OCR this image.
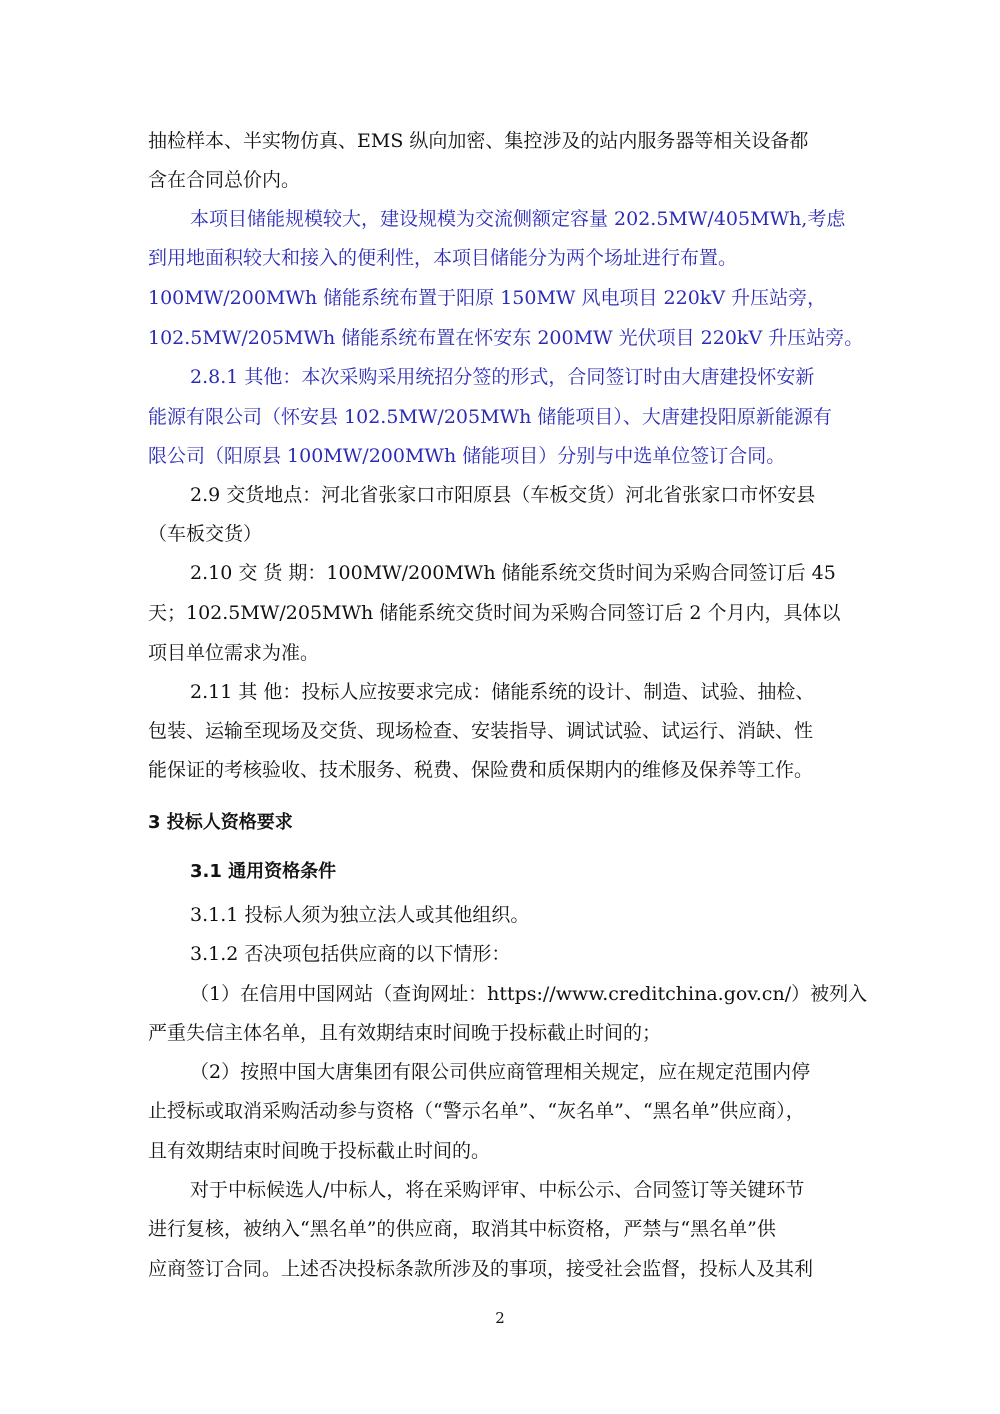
抽检样本、半实物仿真、EMS 纵向加密、集控涉及的站内服务器等相关设备都

含在合同总价内。

本项目储能规模较大，建设规模为交流侧额定容量 202.5MW/405MWh,考虑

到用地面积较大和接入的便利性，本项目储能分为两个场址进行布置。

100MW/200MWh 储能系统布置于阳原 150MW 风电项目 220kV 升压站旁，

102.5MW/205MWh 储能系统布置在怀安东 200MW 光伏项目 220kV 升压站旁。

2.8.1 其他：本次采购采用统招分签的形式，合同签订时由大唐建投怀安新

能源有限公司（怀安县 102.5MW/205MWh 储能项目）、大唐建投阳原新能源有

限公司（阳原县 100MW/200MWh 储能项目）分别与中选单位签订合同。

2.9 交货地点：河北省张家口市阳原县（车板交货）河北省张家口市怀安县

（车板交货）

2.10 交 货 期：100MW/200MWh 储能系统交货时间为采购合同签订后 45

天；102.5MW/205MWh 储能系统交货时间为采购合同签订后 2 个月内，具体以

项目单位需求为准。

2.11 其 他：投标人应按要求完成：储能系统的设计、制造、试验、抽检、

包装、运输至现场及交货、现场检查、安装指导、调试试验、试运行、消缺、性

能保证的考核验收、技术服务、税费、保险费和质保期内的维修及保养等工作。

3 投标人资格要求

3.1 通用资格条件

3.1.1 投标人须为独立法人或其他组织。

3.1.2 否决项包括供应商的以下情形：

（1）在信用中国网站（查询网址：https://www.creditchina.gov.cn/）被列入

严重失信主体名单，且有效期结束时间晚于投标截止时间的；

（2）按照中国大唐集团有限公司供应商管理相关规定，应在规定范围内停

止授标或取消采购活动参与资格（“警示名单”、“灰名单”、“黑名单”供应商），

且有效期结束时间晚于投标截止时间的。

对于中标候选人/中标人，将在采购评审、中标公示、合同签订等关键环节

进行复核，被纳入“黑名单”的供应商，取消其中标资格，严禁与“黑名单”供

应商签订合同。上述否决投标条款所涉及的事项，接受社会监督，投标人及其利

2
